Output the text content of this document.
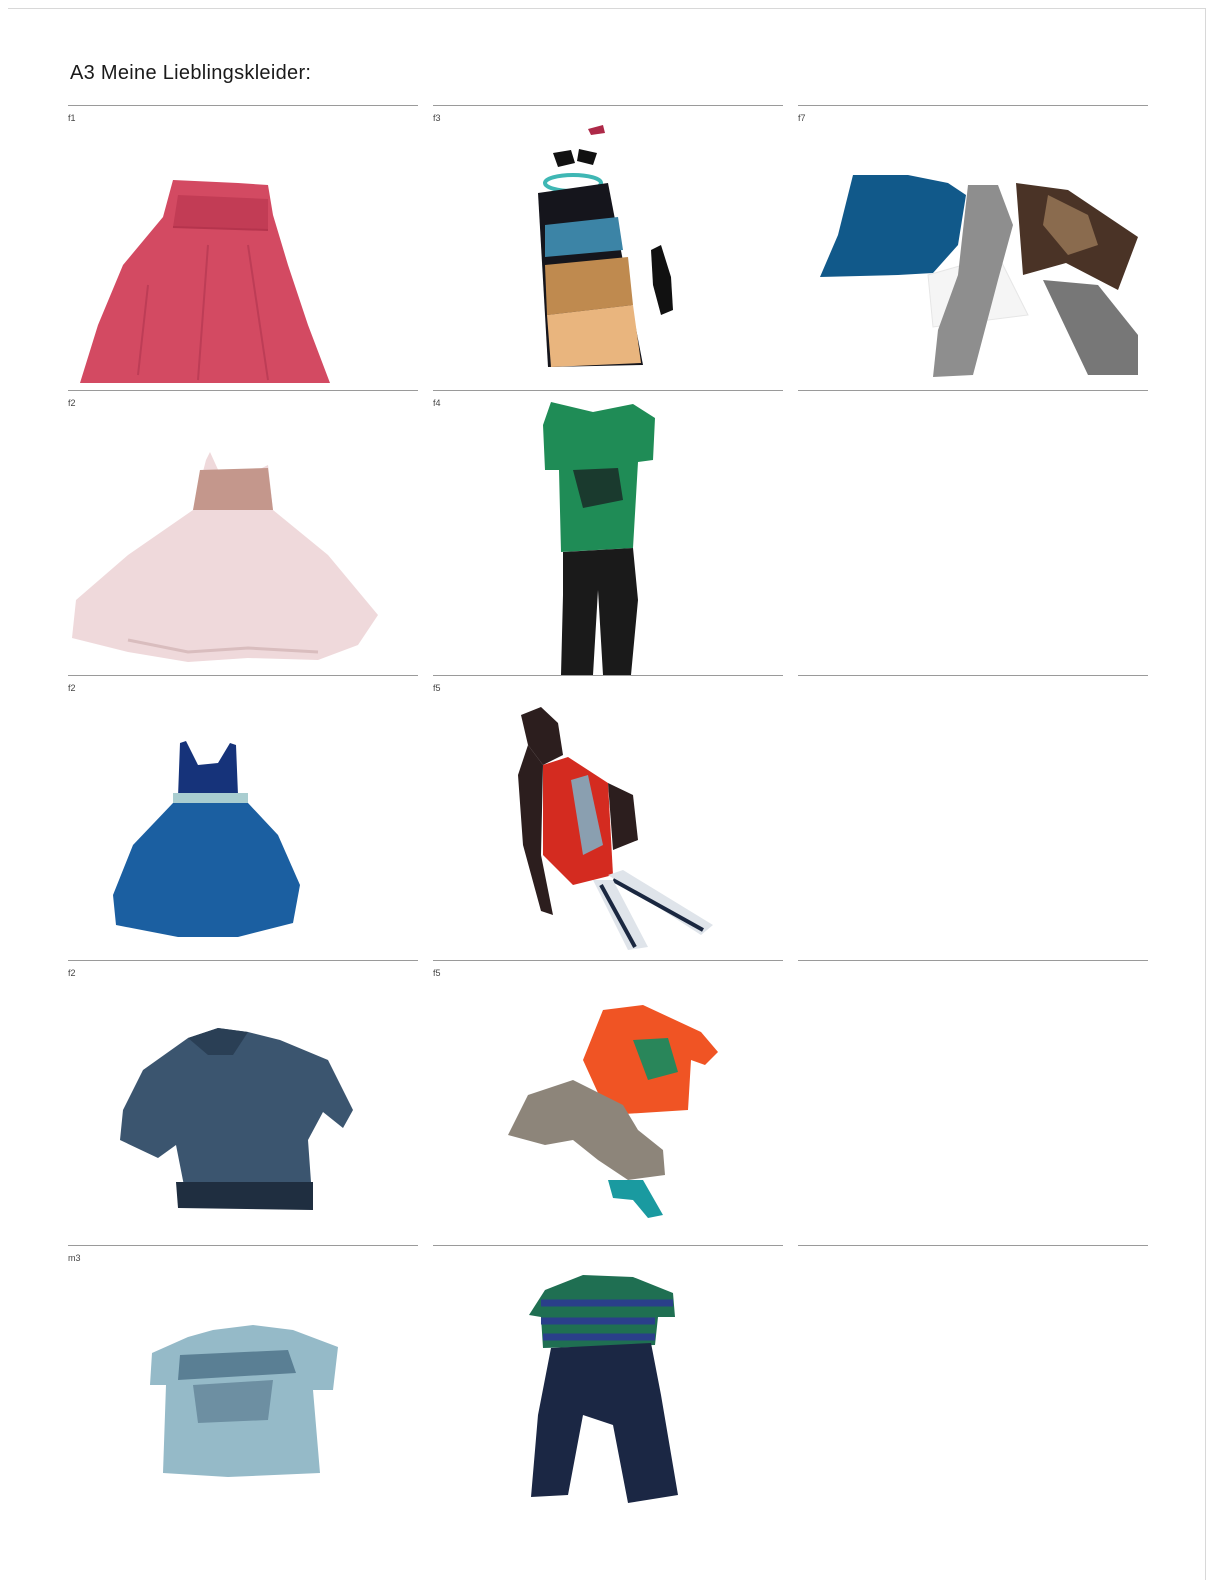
A3 Meine Lieblingskleider:
f1	f3	f7
f2	f4
f2	f5
f2	f5
m3
